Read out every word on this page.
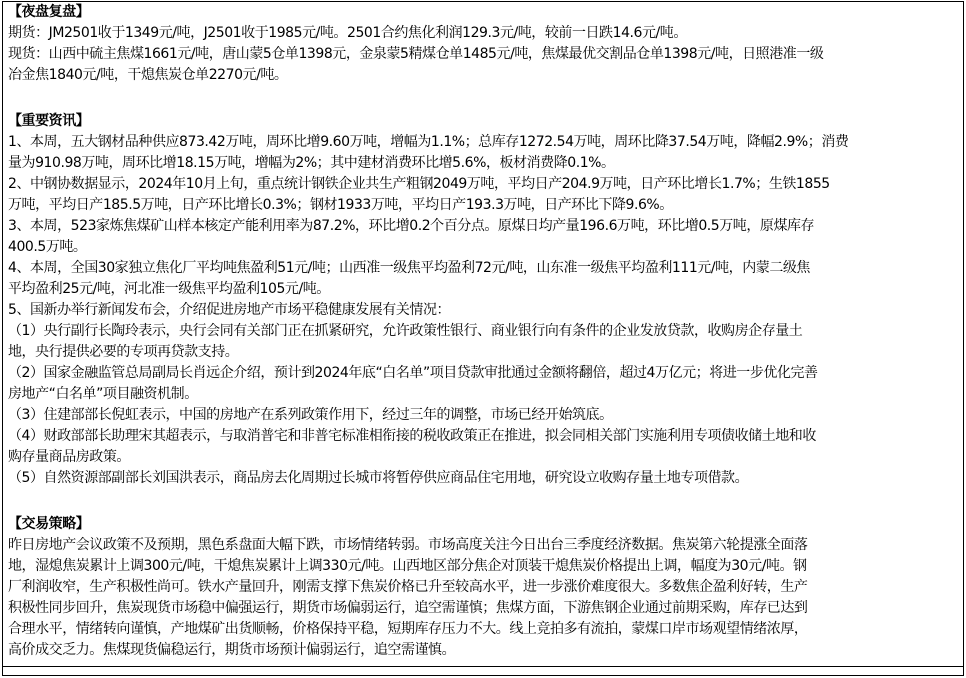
【夜盘复盘】
期货：JM2501收于1349元/吨，J2501收于1985元/吨。2501合约焦化利润129.3元/吨，较前一日跌14.6元/吨。
现货：山西中硫主焦煤1661元/吨，唐山蒙5仓单1398元，金泉蒙5精煤仓单1485元/吨，焦煤最优交割品仓单1398元/吨，日照港准一级
冶金焦1840元/吨，干熄焦炭仓单2270元/吨。
【重要资讯】
1、本周，五大钢材品种供应873.42万吨，周环比增9.60万吨，增幅为1.1%；总库存1272.54万吨，周环比降37.54万吨，降幅2.9%；消费
量为910.98万吨，周环比增18.15万吨，增幅为2%；其中建材消费环比增5.6%，板材消费降0.1%。
2、中钢协数据显示，2024年10月上旬，重点统计钢铁企业共生产粗钢2049万吨，平均日产204.9万吨，日产环比增长1.7%；生铁1855
万吨，平均日产185.5万吨，日产环比增长0.3%；钢材1933万吨，平均日产193.3万吨，日产环比下降9.6%。
3、本周，523家炼焦煤矿山样本核定产能利用率为87.2%，环比增0.2个百分点。原煤日均产量196.6万吨，环比增0.5万吨，原煤库存
400.5万吨。
4、本周，全国30家独立焦化厂平均吨焦盈利51元/吨；山西准一级焦平均盈利72元/吨，山东准一级焦平均盈利111元/吨，内蒙二级焦
平均盈利25元/吨，河北准一级焦平均盈利105元/吨。
5、国新办举行新闻发布会，介绍促进房地产市场平稳健康发展有关情况：
（1）央行副行长陶玲表示，央行会同有关部门正在抓紧研究，允许政策性银行、商业银行向有条件的企业发放贷款，收购房企存量土
地，央行提供必要的专项再贷款支持。
（2）国家金融监管总局副局长肖远企介绍，预计到2024年底“白名单”项目贷款审批通过金额将翻倍，超过4万亿元；将进一步优化完善
房地产“白名单”项目融资机制。
（3）住建部部长倪虹表示，中国的房地产在系列政策作用下，经过三年的调整，市场已经开始筑底。
（4）财政部部长助理宋其超表示，与取消普宅和非普宅标准相衔接的税收政策正在推进，拟会同相关部门实施利用专项债收储土地和收
购存量商品房政策。
（5）自然资源部副部长刘国洪表示，商品房去化周期过长城市将暂停供应商品住宅用地，研究设立收购存量土地专项借款。
【交易策略】
昨日房地产会议政策不及预期，黑色系盘面大幅下跌，市场情绪转弱。市场高度关注今日出台三季度经济数据。焦炭第六轮提涨全面落
地，湿熄焦炭累计上调300元/吨，干熄焦炭累计上调330元/吨。山西地区部分焦企对顶装干熄焦炭价格提出上调，幅度为30元/吨。钢
厂利润收窄，生产积极性尚可。铁水产量回升，刚需支撑下焦炭价格已升至较高水平，进一步涨价难度很大。多数焦企盈利好转，生产
积极性同步回升，焦炭现货市场稳中偏强运行，期货市场偏弱运行，追空需谨慎；焦煤方面，下游焦钢企业通过前期采购，库存已达到
合理水平，情绪转向谨慎，产地煤矿出货顺畅，价格保持平稳，短期库存压力不大。线上竞拍多有流拍，蒙煤口岸市场观望情绪浓厚，
高价成交乏力。焦煤现货偏稳运行，期货市场预计偏弱运行，追空需谨慎。
